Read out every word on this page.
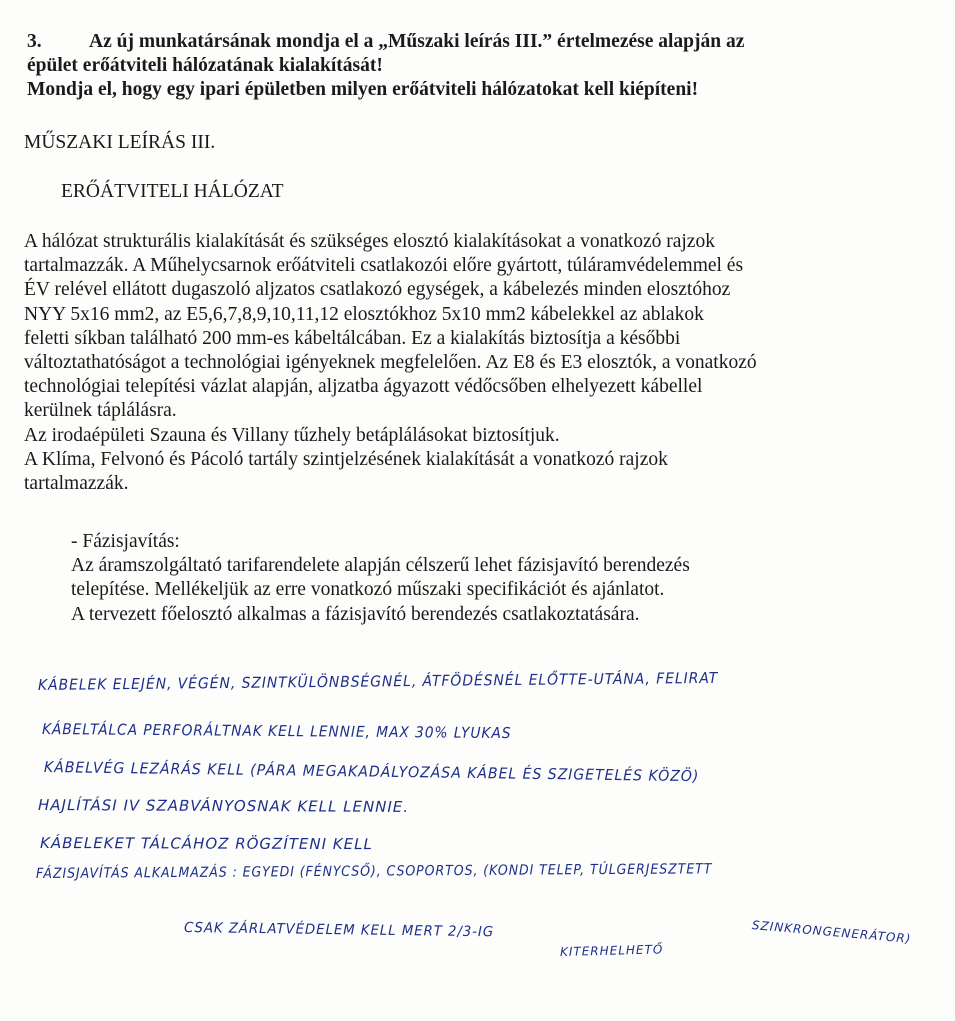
3. Az új munkatársának mondja el a „Műszaki leírás III.” értelmezése alapján az
épület erőátviteli hálózatának kialakítását!
Mondja el, hogy egy ipari épületben milyen erőátviteli hálózatokat kell kiépíteni!
MŰSZAKI LEÍRÁS III.
ERŐÁTVITELI HÁLÓZAT
A hálózat strukturális kialakítását és szükséges elosztó kialakításokat a vonatkozó rajzok
tartalmazzák. A Műhelycsarnok erőátviteli csatlakozói előre gyártott, túláramvédelemmel és
ÉV relével ellátott dugaszoló aljzatos csatlakozó egységek, a kábelezés minden elosztóhoz
NYY 5x16 mm2, az E5,6,7,8,9,10,11,12 elosztókhoz 5x10 mm2 kábelekkel az ablakok
feletti síkban található 200 mm-es kábeltálcában. Ez a kialakítás biztosítja a későbbi
változtathatóságot a technológiai igényeknek megfelelően. Az E8 és E3 elosztók, a vonatkozó
technológiai telepítési vázlat alapján, aljzatba ágyazott védőcsőben elhelyezett kábellel
kerülnek táplálásra.
Az irodaépületi Szauna és Villany tűzhely betáplálásokat biztosítjuk.
A Klíma, Felvonó és Pácoló tartály szintjelzésének kialakítását a vonatkozó rajzok
tartalmazzák.
- Fázisjavítás:
Az áramszolgáltató tarifarendelete alapján célszerű lehet fázisjavító berendezés
telepítése. Mellékeljük az erre vonatkozó műszaki specifikációt és ajánlatot.
A tervezett főelosztó alkalmas a fázisjavító berendezés csatlakoztatására.
KÁBELEK ELEJÉN, VÉGÉN, SZINTKÜLÖNBSÉGNÉL, ÁTFÖDÉSNÉL ELŐTTE-UTÁNA, FELIRAT
KÁBELTÁLCA PERFORÁLTNAK KELL LENNIE, MAX 30% LYUKAS
KÁBELVÉG LEZÁRÁS KELL (PÁRA MEGAKADÁLYOZÁSA KÁBEL ÉS SZIGETELÉS KÖZÖ)
HAJLÍTÁSI IV SZABVÁNYOSNAK KELL LENNIE.
KÁBELEKET TÁLCÁHOZ RÖGZÍTENI KELL
FÁZISJAVÍTÁS ALKALMAZÁS : EGYEDI (FÉNYCSŐ), CSOPORTOS, (KONDI TELEP, TÚLGERJESZTETT
SZINKRONGENERÁTOR)
CSAK ZÁRLATVÉDELEM KELL MERT 2/3-IG
KITERHELHETŐ
